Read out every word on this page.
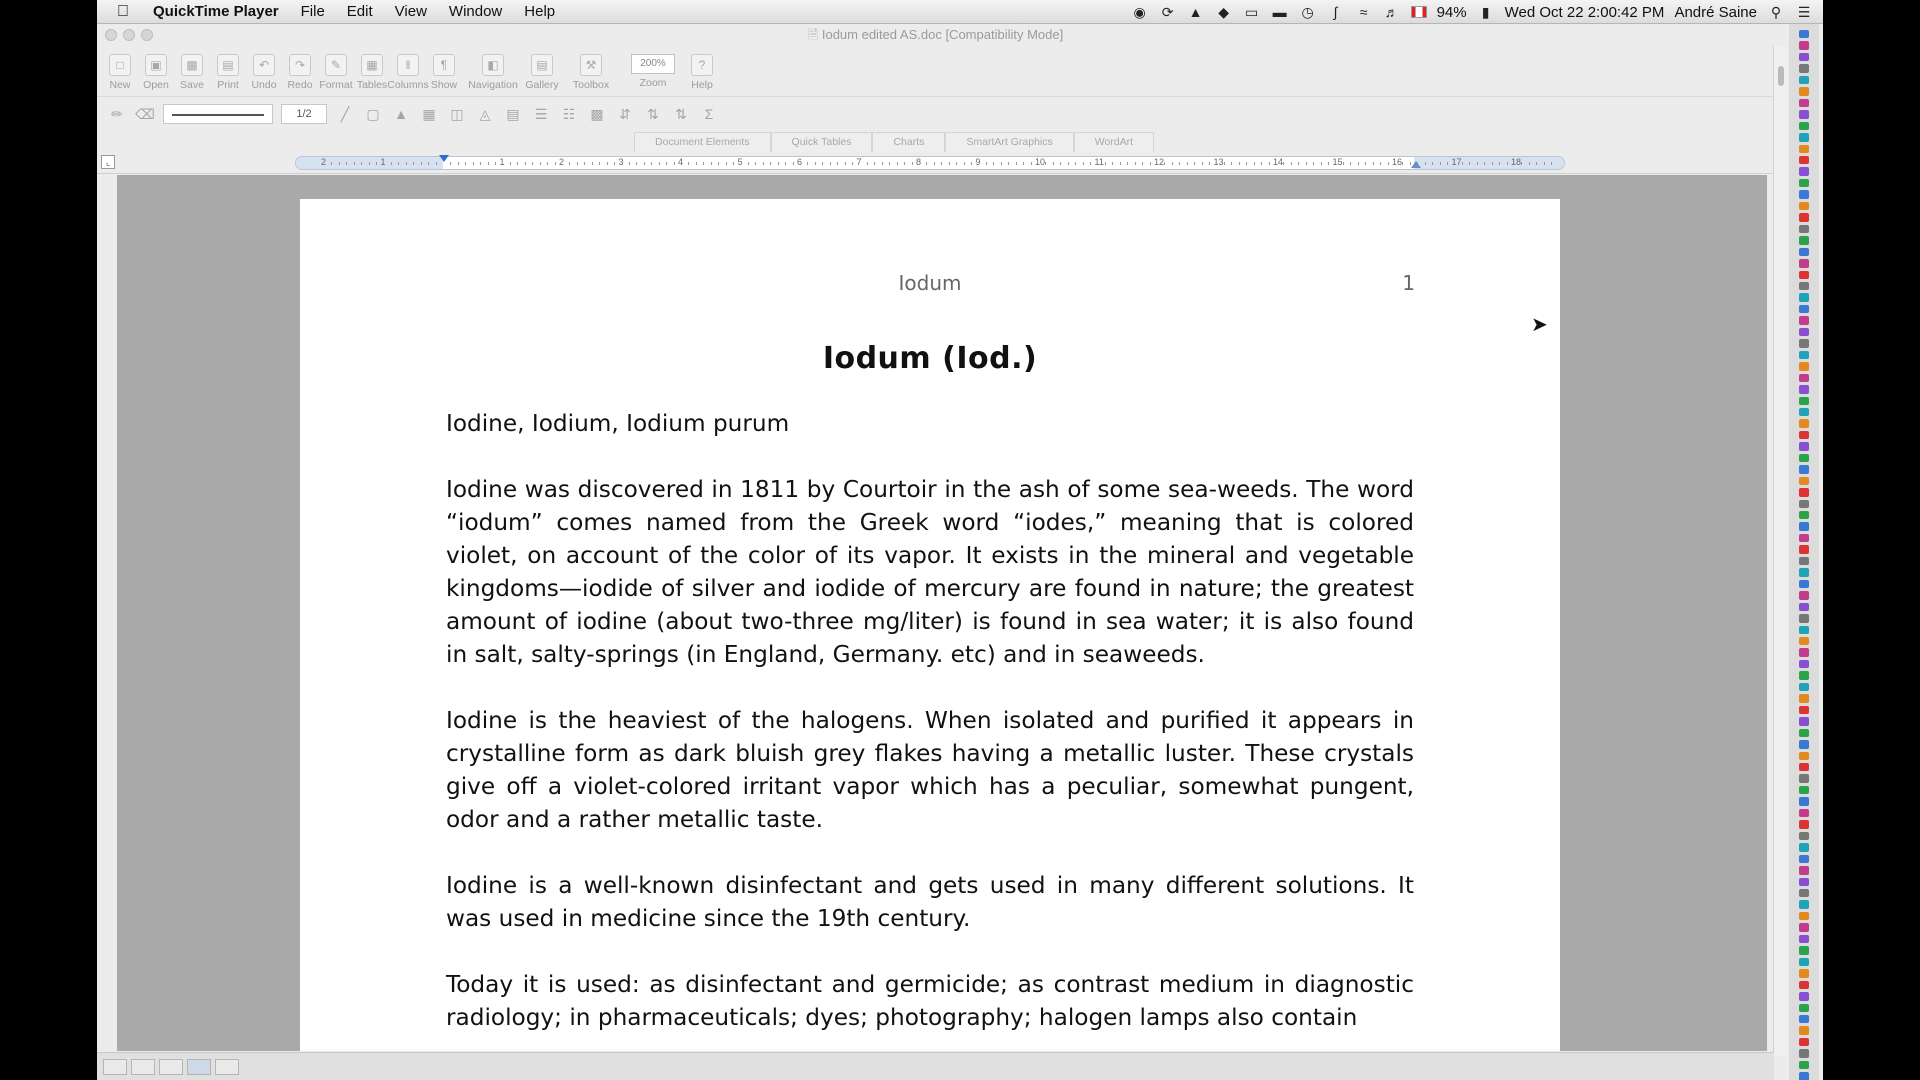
QuickTime Player	File	Edit	View	Window	Help	◉ ⟳ ▲ ◆ ▭ ▬ ◷	∫	≈	♬	94%	▮	Wed Oct 22 2:00:42 PM André Saine ⚲ ☰
🗎 Iodum edited AS.doc [Compatibility Mode]
□
New
▣
Open
▩
Save
▤
Print
↶
Undo
↷
Redo
✎
Format
▦
Tables
‖
Columns
¶
Show
◧
Navigation
▤
Gallery
⚒
Toolbox
200%
Zoom
?
Help
✏ ⌫	1/2	╱	▢ ▲ ▦ ◫	◬	▤ ☰ ☷ ▩ ⇵ ⇅ ⇅	Σ
Document Elements	Quick Tables	Charts	SmartArt Graphics	WordArt
⌞	2	1	1	2	3	4	5	6	7	8	9	10	11	12	13	14	15	16	17	18
Iodum	1
Iodum (Iod.)

Iodine, Iodium, Iodium purum

Iodine was discovered in 1811 by Courtoir in the ash of some sea-weeds. The word “iodum” comes named from the Greek word “iodes,” meaning that is colored violet, on account of the color of its vapor. It exists in the mineral and vegetable kingdoms—iodide of silver and iodide of mercury are found in nature; the greatest amount of iodine (about two-three mg/liter) is found in sea water; it is also found in salt, salty-springs (in England, Germany. etc) and in seaweeds.

Iodine is the heaviest of the halogens. When isolated and purified it appears in crystalline form as dark bluish grey flakes having a metallic luster. These crystals give off a violet-colored irritant vapor which has a peculiar, somewhat pungent, odor and a rather metallic taste.

Iodine is a well-known disinfectant and gets used in many different solutions. It was used in medicine since the 19th century.

Today it is used: as disinfectant and germicide; as contrast medium in diagnostic radiology; in pharmaceuticals; dyes; photography; halogen lamps also contain

➤
